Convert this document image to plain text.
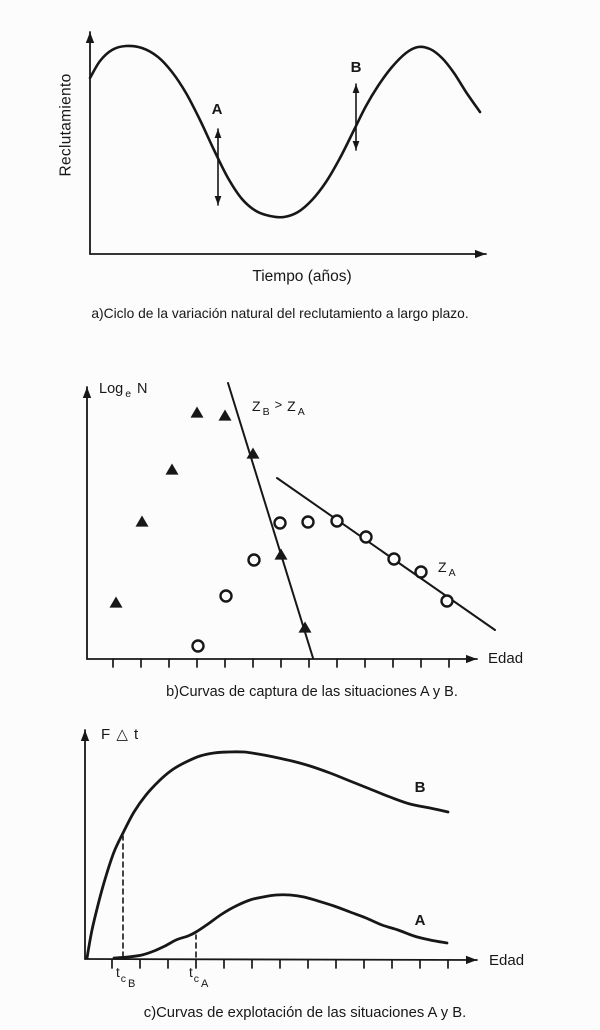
Reclutamiento	A
B
Tiempo (años)
a)Ciclo de la variación natural del reclutamiento a largo plazo.
Log $_e$ N
Z $_B$ > Z $_A$
Z $_A$
Edad
b)Curvas de captura de las situaciones A y B.
F △ t
B
A
Edad
$t_c$ $_B$
$t_c$ $_A$
c)Curvas de explotación de las situaciones A y B.
